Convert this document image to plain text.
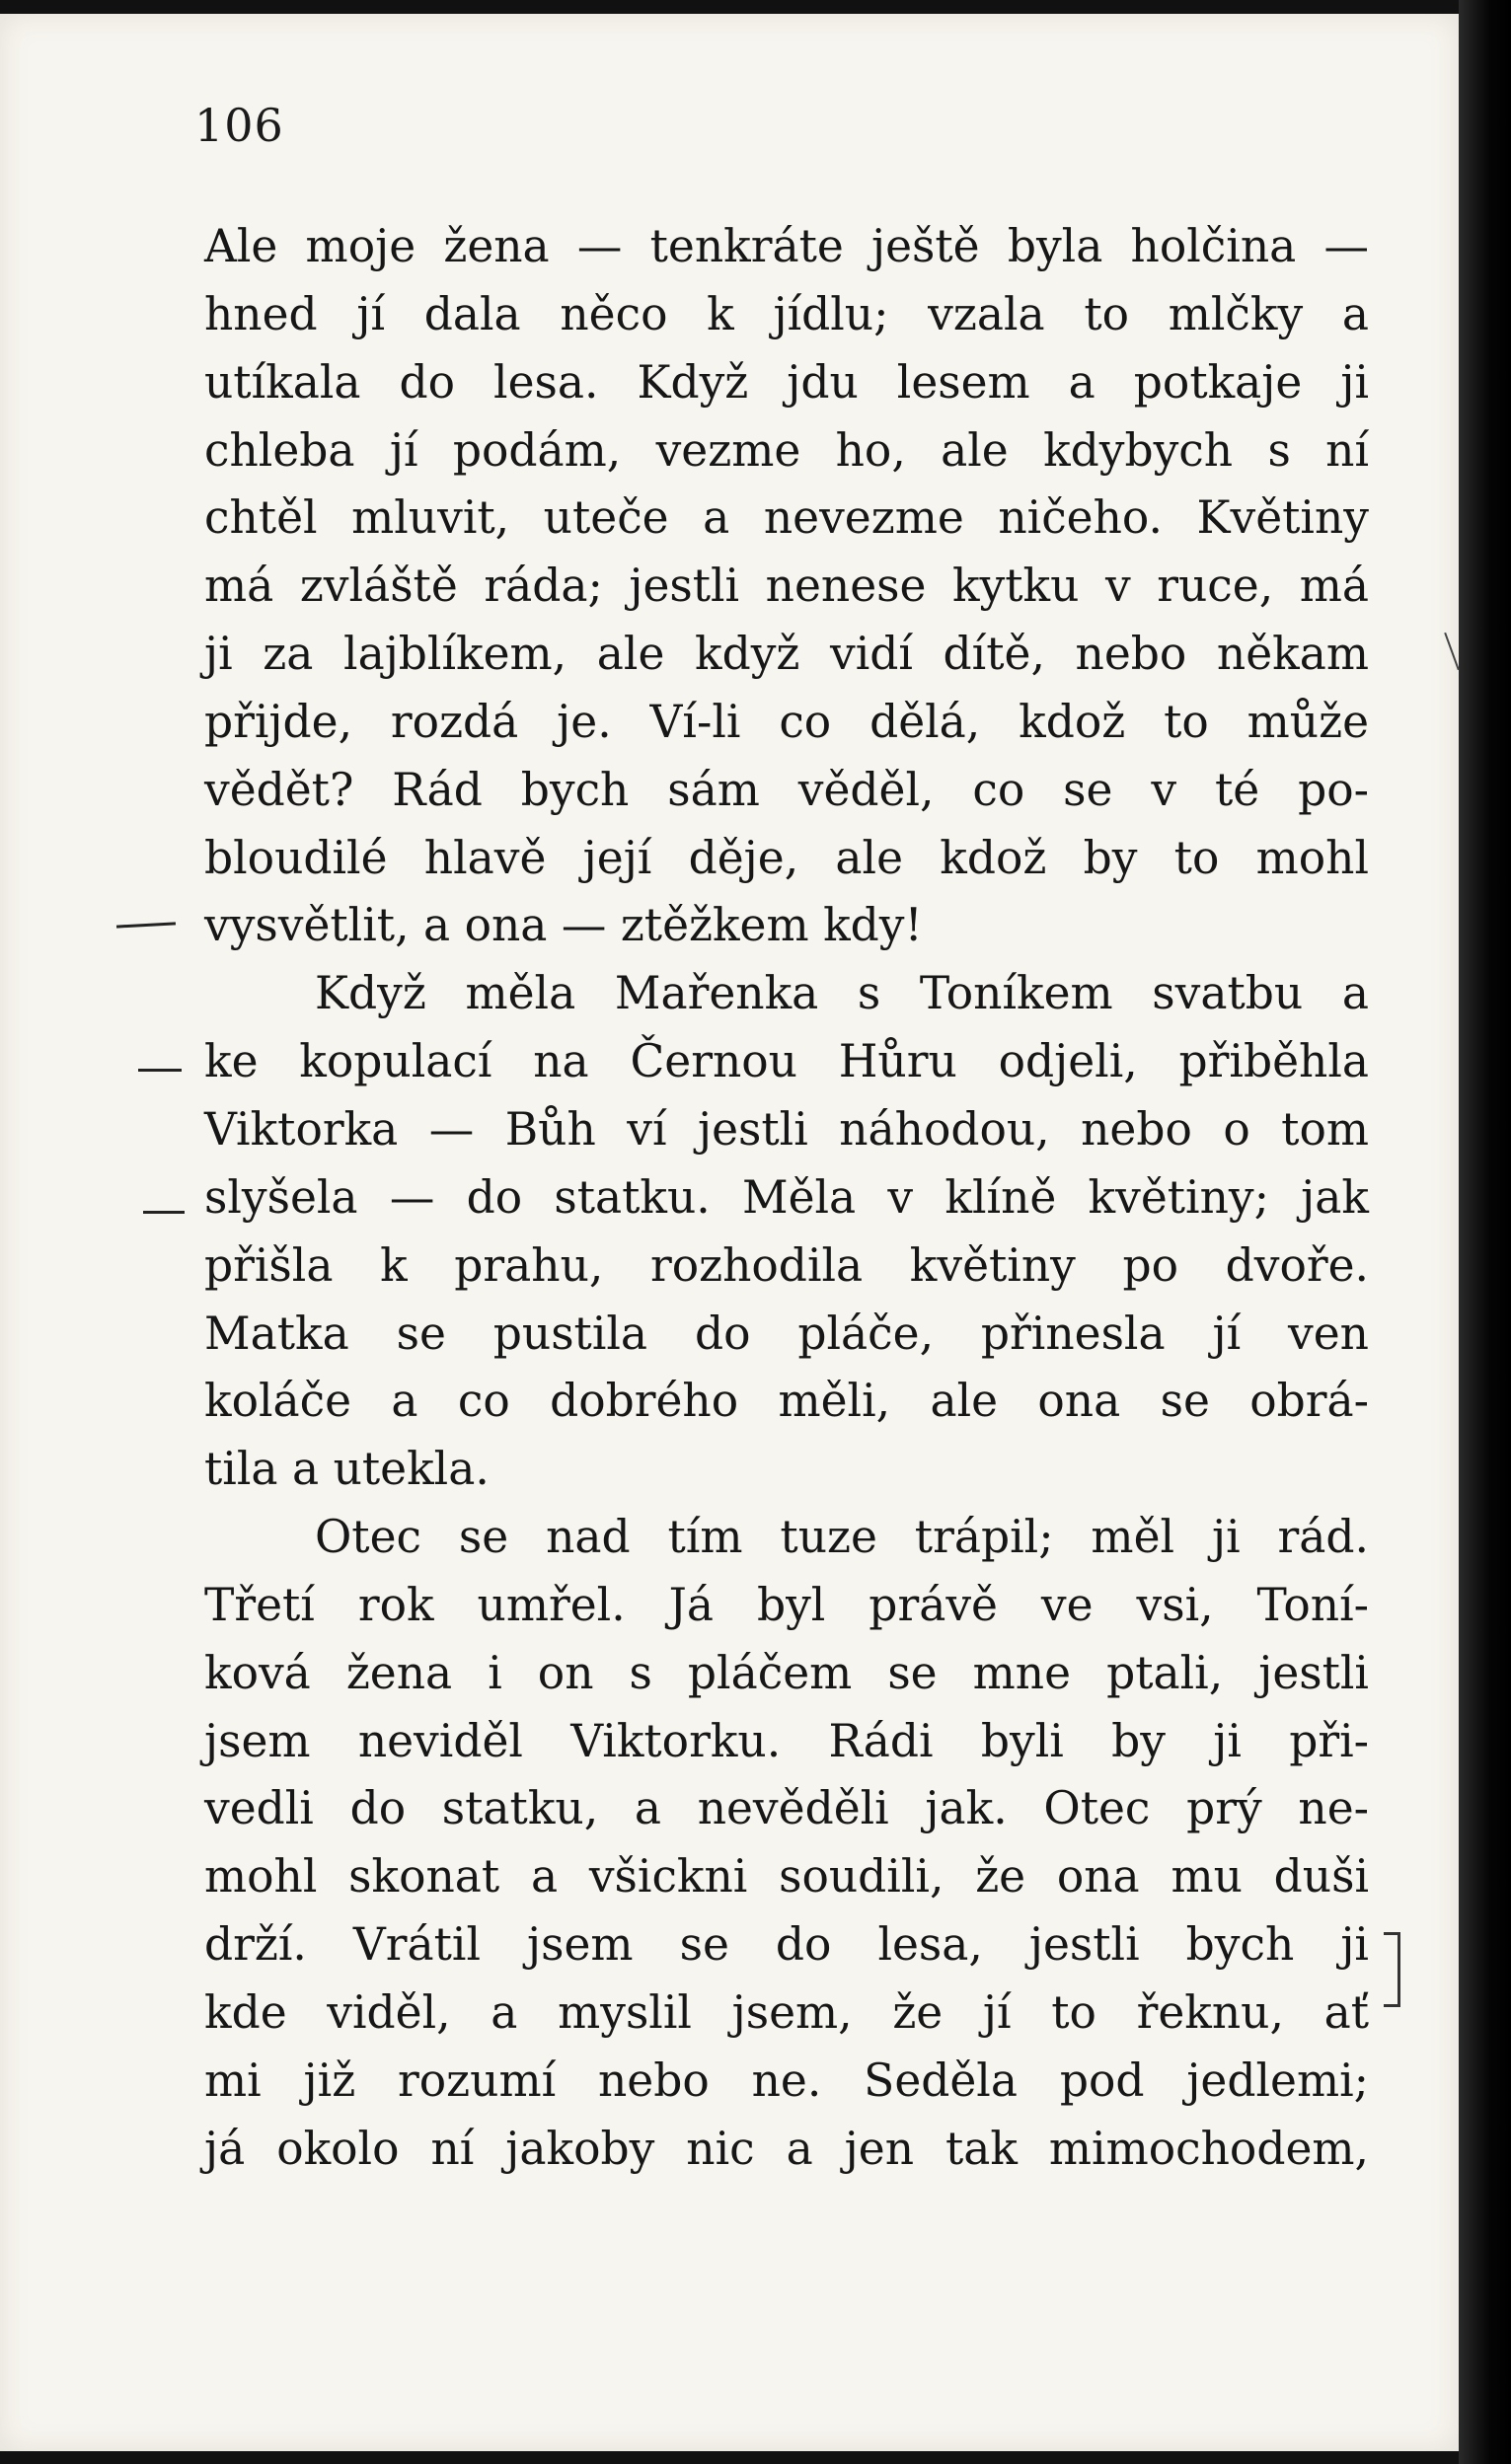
106
Ale moje žena — tenkráte ještě byla holčina —
hned jí dala něco k jídlu; vzala to mlčky a
utíkala do lesa. Když jdu lesem a potkaje ji
chleba jí podám, vezme ho, ale kdybych s ní
chtěl mluvit, uteče a nevezme ničeho. Květiny
má zvláště ráda; jestli nenese kytku v ruce, má
ji za lajblíkem, ale když vidí dítě, nebo někam
přijde, rozdá je. Ví-li co dělá, kdož to může
vědět? Rád bych sám věděl, co se v té po-
bloudilé hlavě její děje, ale kdož by to mohl
vysvětlit, a ona — ztěžkem kdy!
Když měla Mařenka s Toníkem svatbu a
ke kopulací na Černou Hůru odjeli, přiběhla
Viktorka — Bůh ví jestli náhodou, nebo o tom
slyšela — do statku. Měla v klíně květiny; jak
přišla k prahu, rozhodila květiny po dvoře.
Matka se pustila do pláče, přinesla jí ven
koláče a co dobrého měli, ale ona se obrá-
tila a utekla.
Otec se nad tím tuze trápil; měl ji rád.
Třetí rok umřel. Já byl právě ve vsi, Toní-
ková žena i on s pláčem se mne ptali, jestli
jsem neviděl Viktorku. Rádi byli by ji při-
vedli do statku, a nevěděli jak. Otec prý ne-
mohl skonat a všickni soudili, že ona mu duši
drží. Vrátil jsem se do lesa, jestli bych ji
kde viděl, a myslil jsem, že jí to řeknu, ať
mi již rozumí nebo ne. Seděla pod jedlemi;
já okolo ní jakoby nic a jen tak mimochodem,
